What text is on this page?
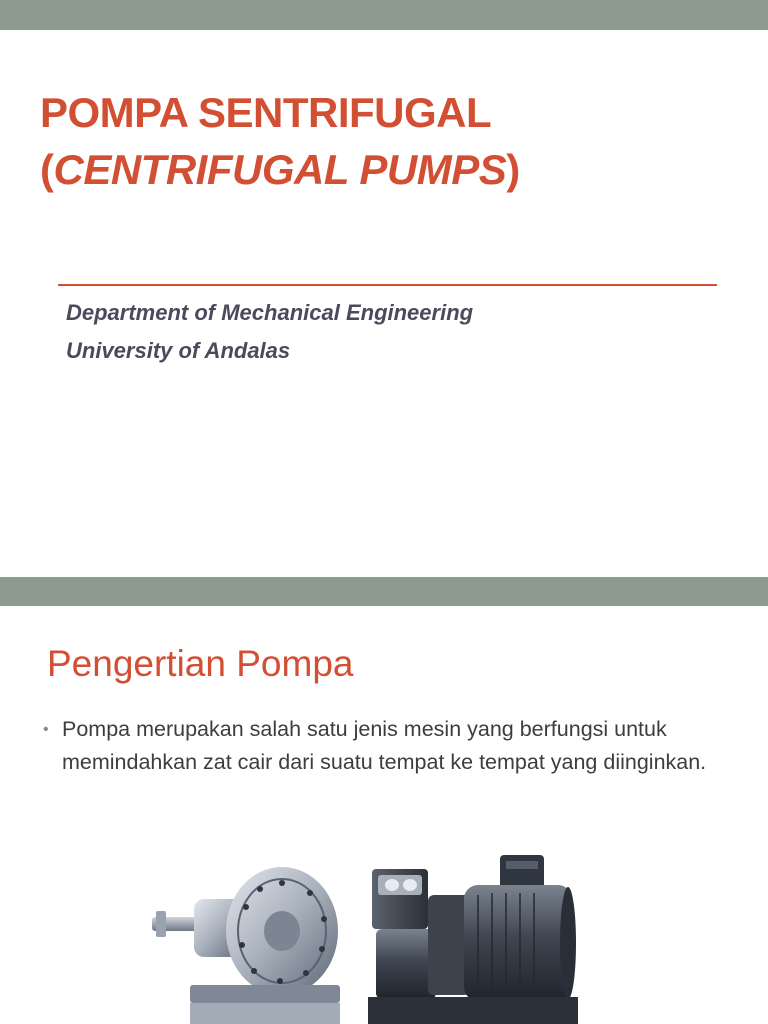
POMPA SENTRIFUGAL
(CENTRIFUGAL PUMPS)
Department of Mechanical Engineering
University of Andalas
Pengertian Pompa
• Pompa merupakan salah satu jenis mesin yang berfungsi untuk memindahkan zat cair dari suatu tempat ke tempat yang diinginkan.
